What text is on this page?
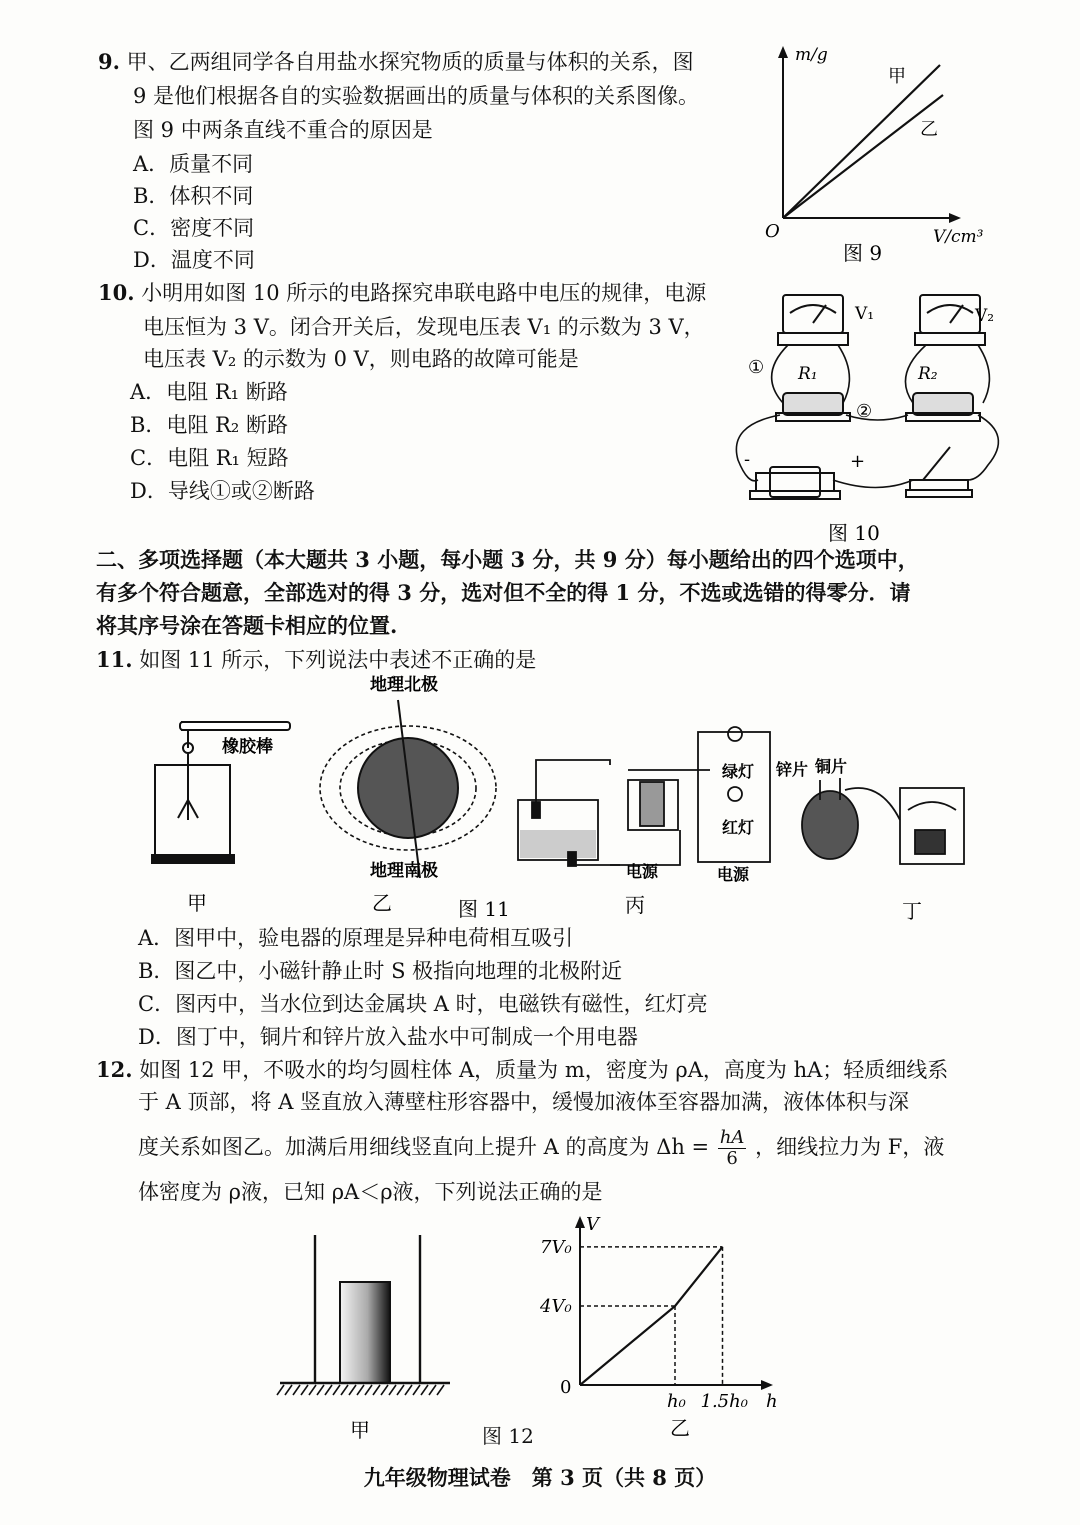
9. 甲、乙两组同学各自用盐水探究物质的质量与体积的关系，图
9 是他们根据各自的实验数据画出的质量与体积的关系图像。
图 9 中两条直线不重合的原因是
A．质量不同
B．体积不同
C．密度不同
D．温度不同
m/g
O	V/cm³
甲
乙
图 9
10. 小明用如图 10 所示的电路探究串联电路中电压的规律，电源
电压恒为 3 V。闭合开关后，发现电压表 V₁ 的示数为 3 V，
电压表 V₂ 的示数为 0 V，则电路的故障可能是
A．电阻 R₁ 断路
B．电阻 R₂ 断路
C．电阻 R₁ 短路
D．导线①或②断路
V₁	V₂
R₁	R₂
①
②
-	+
图 10
二、多项选择题（本大题共 3 小题，每小题 3 分，共 9 分）每小题给出的四个选项中，
有多个符合题意，全部选对的得 3 分，选对但不全的得 1 分，不选或选错的得零分．请
将其序号涂在答题卡相应的位置.
11. 如图 11 所示，下列说法中表述不正确的是
橡胶棒
甲
地理北极
地理南极
乙	图 11
电源
绿灯
红灯
电源
丙
锌片 铜片
丁
A．图甲中，验电器的原理是异种电荷相互吸引
B．图乙中，小磁针静止时 S 极指向地理的北极附近
C．图丙中，当水位到达金属块 A 时，电磁铁有磁性，红灯亮
D．图丁中，铜片和锌片放入盐水中可制成一个用电器
12. 如图 12 甲，不吸水的均匀圆柱体 A，质量为 m，密度为 ρA，高度为 hA；轻质细线系
于 A 顶部，将 A 竖直放入薄壁柱形容器中，缓慢加液体至容器加满，液体体积与深
度关系如图乙。加满后用细线竖直向上提升 A 的高度为 $\Delta h = \frac{hA}{6}$ ，细线拉力为 F，液
体密度为 ρ液，已知 ρA＜ρ液，下列说法正确的是
甲	图 12
V
h
0
h₀ 1.5h₀
4V₀
7V₀
乙
九年级物理试卷　第 3 页（共 8 页）
